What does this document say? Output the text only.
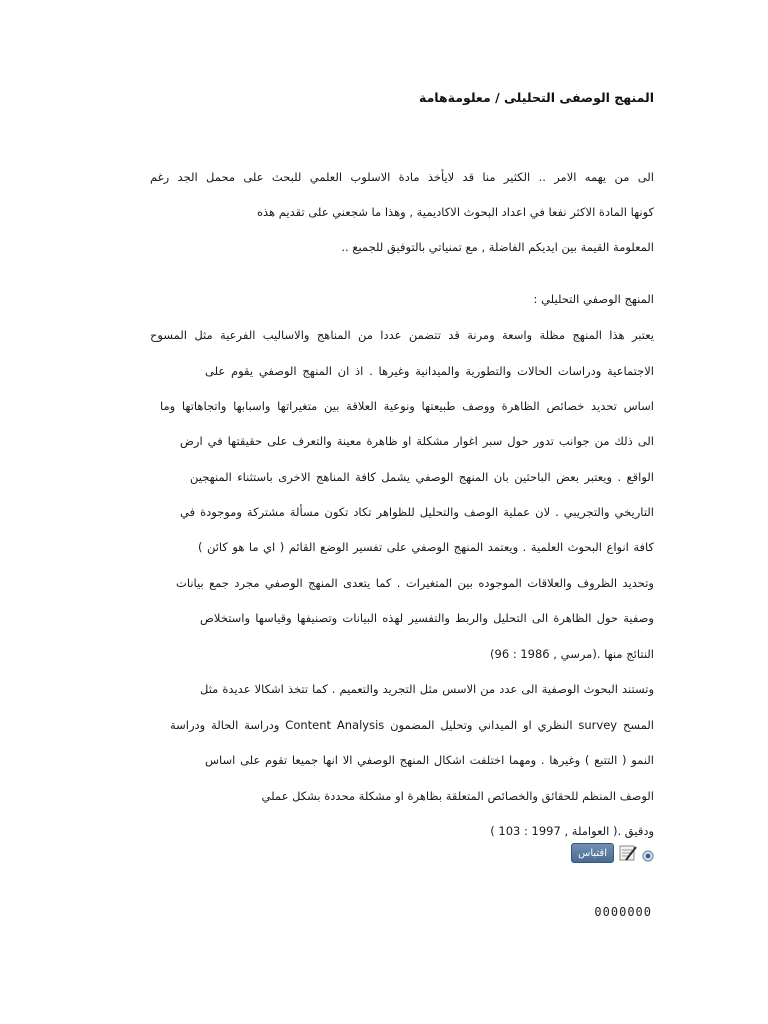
المنهج الوصفى التحليلى / معلومةهامة
الى من يهمه الامر .. الكثير منا قد لايأخذ مادة الاسلوب العلمي للبحث على محمل الجد رغم
كونها المادة الاكثر نفعا في اعداد البحوث الاكاديمية , وهذا ما شجعني على تقديم هذه
المعلومة القيمة بين ايديكم الفاضلة , مع تمنياتي بالتوفيق للجميع ..
المنهج الوصفي التحليلي :
يعتبر هذا المنهج مظلة واسعة ومرنة قد تتضمن عددا من المناهج والاساليب الفرعية مثل المسوح
الاجتماعية ودراسات الحالات والتطورية والميدانية وغيرها . اذ ان المنهج الوصفي يقوم على
اساس تحديد خصائص الظاهرة ووصف طبيعتها ونوعية العلاقة بين متغيراتها واسبابها واتجاهاتها وما
الى ذلك من جوانب تدور حول سبر اغوار مشكلة او ظاهرة معينة والتعرف على حقيقتها في ارض
الواقع . ويعتبر بعض الباحثين بان المنهج الوصفي يشمل كافة المناهج الاخرى باستثناء المنهجين
التاريخي والتجريبي . لان عملية الوصف والتحليل للظواهر تكاد تكون مسألة مشتركة وموجودة في
كافة انواع البحوث العلمية . ويعتمد المنهج الوصفي على تفسير الوضع القائم ( اي ما هو كائن )
وتحديد الظروف والعلاقات الموجوده بين المتغيرات . كما يتعدى المنهج الوصفي مجرد جمع بيانات
وصفية حول الظاهرة الى التحليل والربط والتفسير لهذه البيانات وتصنيفها وقياسها واستخلاص
النتائج منها .(مرسي , 1986 : 96)
وتستند البحوث الوصفية الى عدد من الاسس مثل التجريد والتعميم . كما تتخذ اشكالا عديدة مثل
المسح survey النظري او الميداني وتحليل المضمون Content Analysis ودراسة الحالة ودراسة
النمو ( التتبع ) وغيرها . ومهما اختلفت اشكال المنهج الوصفي الا انها جميعا تقوم على اساس
الوصف المنظم للحقائق والخصائص المتعلقة بظاهرة او مشكلة محددة بشكل عملي
ودقيق .( العواملة , 1997 : 103 )
اقتباس
0000000
